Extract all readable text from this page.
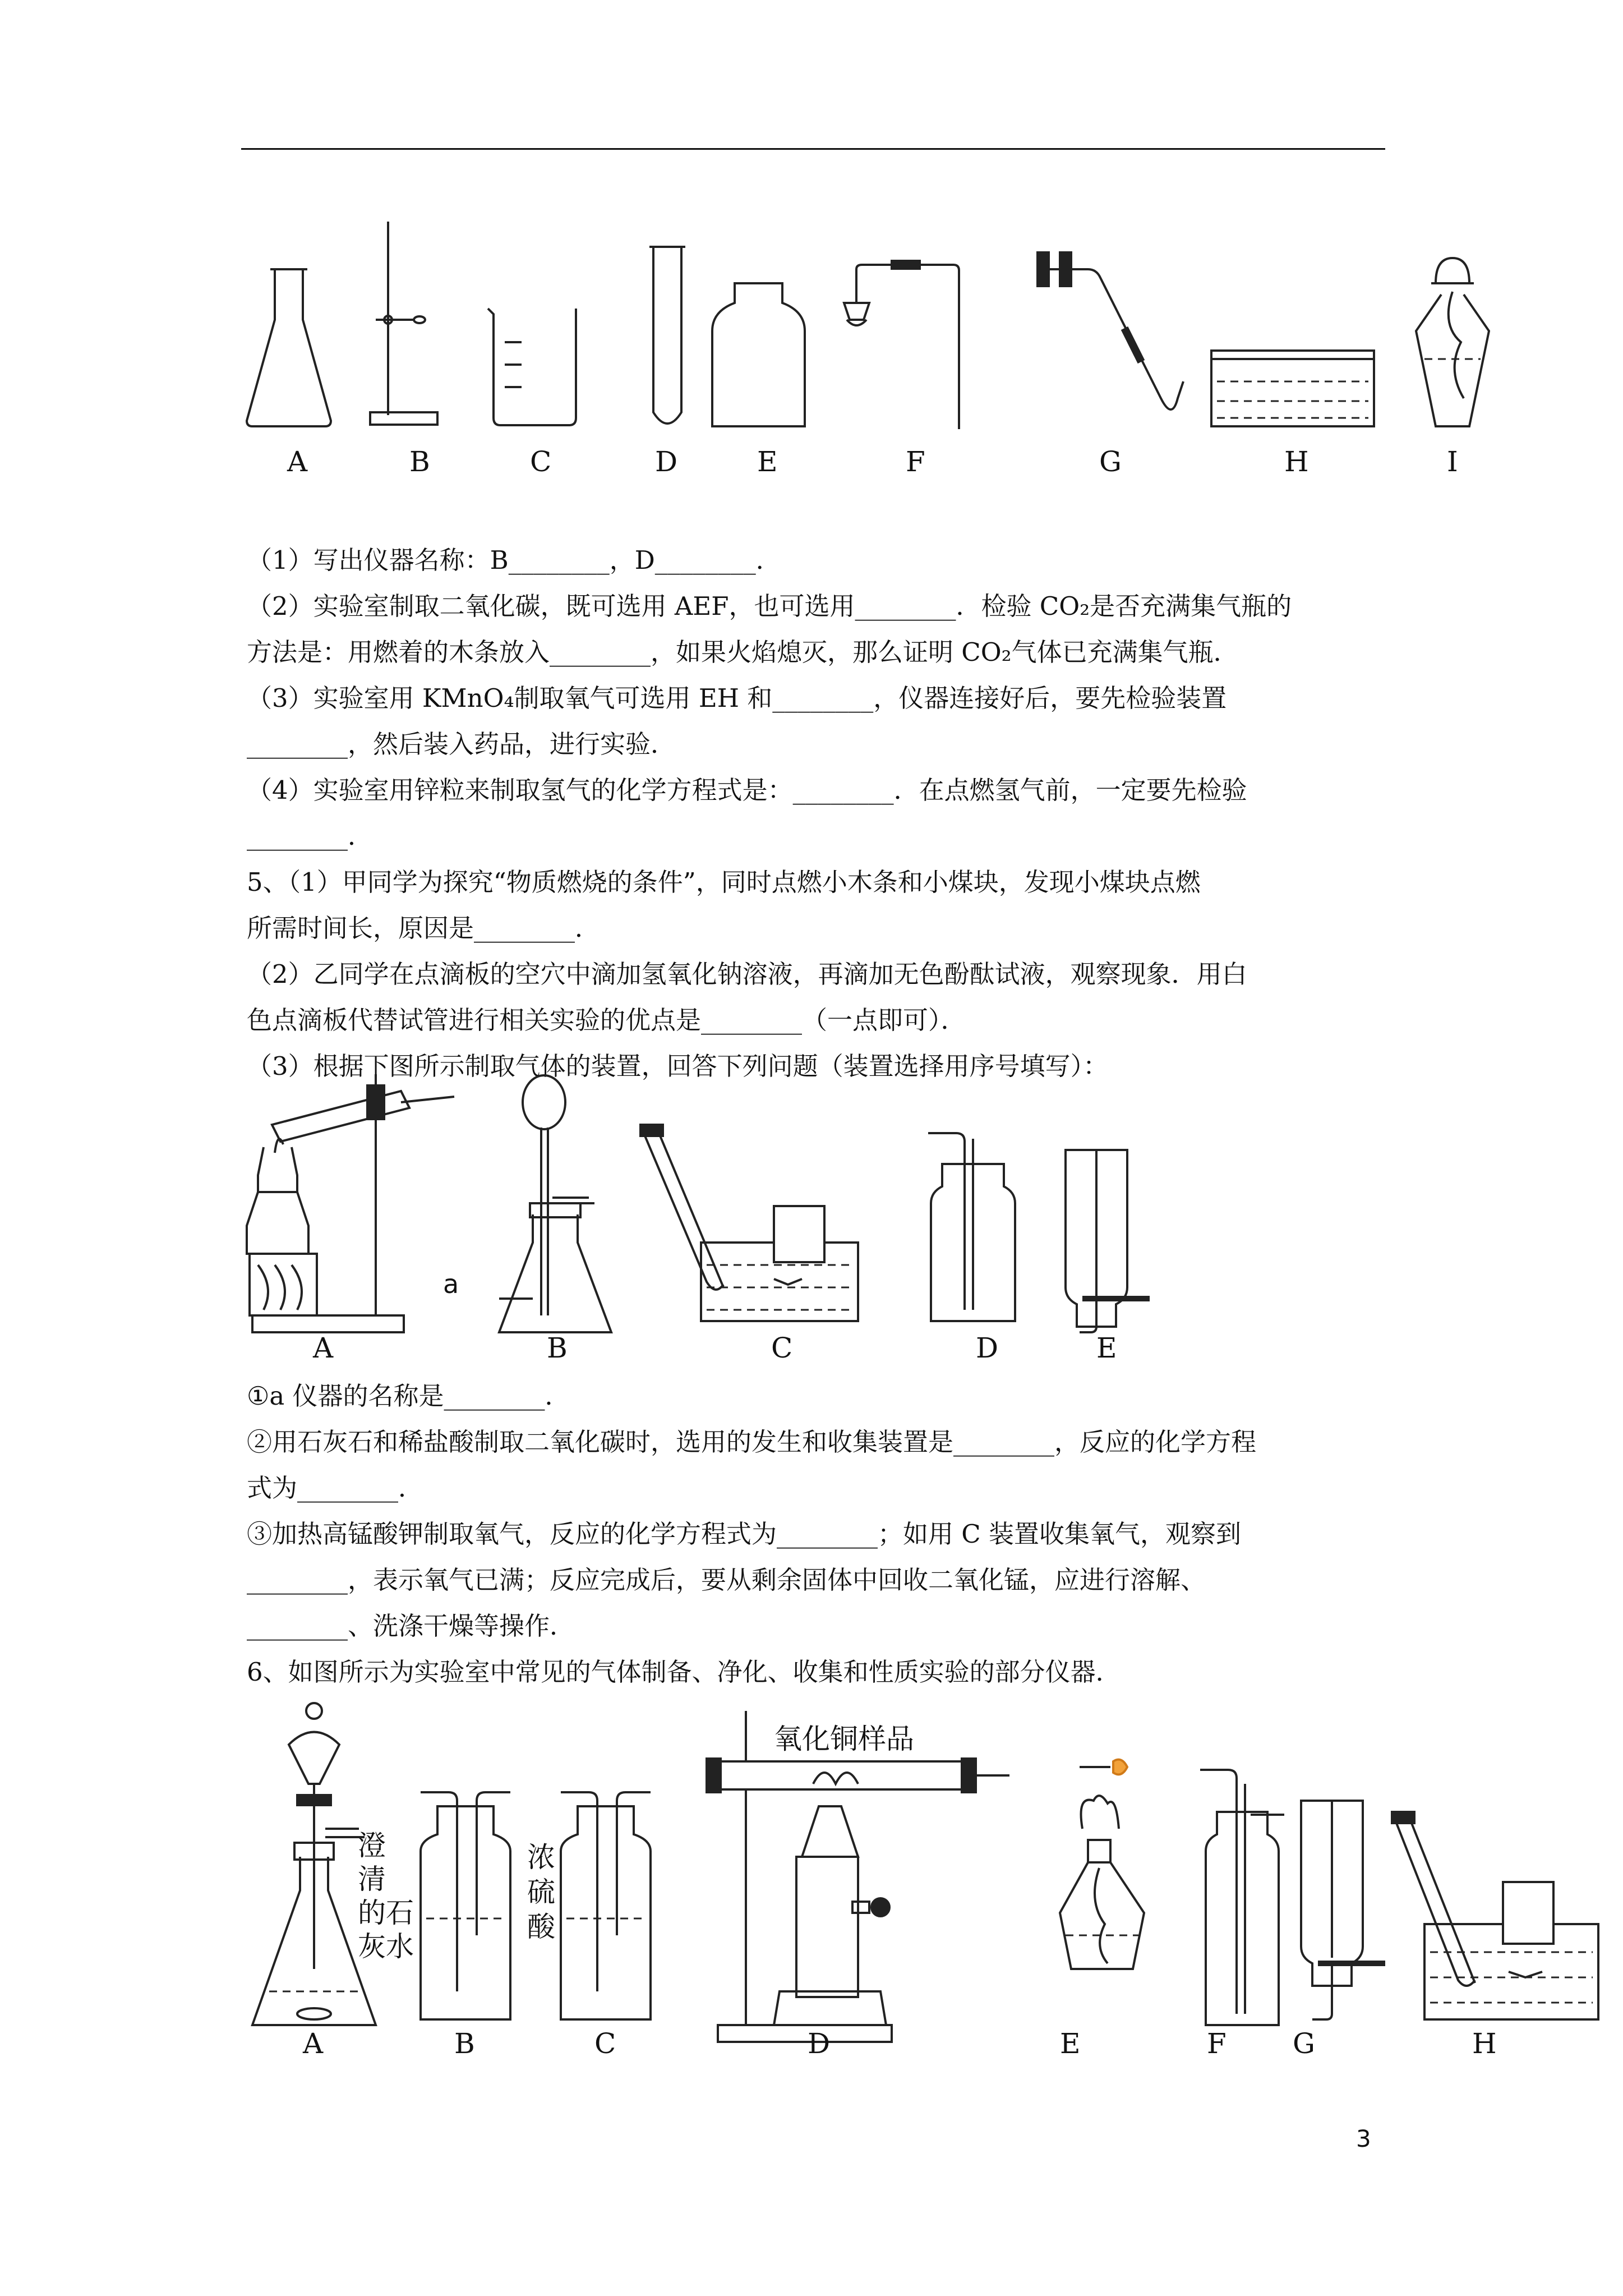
A	B	C	D	E	F	G	H	I

（1）写出仪器名称：B________，D________．

（2）实验室制取二氧化碳，既可选用 AEF，也可选用________．检验 CO₂是否充满集气瓶的

方法是：用燃着的木条放入________，如果火焰熄灭，那么证明 CO₂气体已充满集气瓶．

（3）实验室用 KMnO₄制取氧气可选用 EH 和________，仪器连接好后，要先检验装置

________，然后装入药品，进行实验．

（4）实验室用锌粒来制取氢气的化学方程式是：________．在点燃氢气前，一定要先检验

________．

5、（1）甲同学为探究“物质燃烧的条件”，同时点燃小木条和小煤块，发现小煤块点燃

所需时间长，原因是________．

（2）乙同学在点滴板的空穴中滴加氢氧化钠溶液，再滴加无色酚酞试液，观察现象．用白

色点滴板代替试管进行相关实验的优点是________（一点即可）．

（3）根据下图所示制取气体的装置，回答下列问题（装置选择用序号填写）：

a
A	B	C	D	E

①a 仪器的名称是________．

②用石灰石和稀盐酸制取二氧化碳时，选用的发生和收集装置是________，反应的化学方程

式为________．

③加热高锰酸钾制取氧气，反应的化学方程式为________；如用 C 装置收集氧气，观察到

________，表示氧气已满；反应完成后，要从剩余固体中回收二氧化锰，应进行溶解、

________、洗涤干燥等操作．

6、如图所示为实验室中常见的气体制备、净化、收集和性质实验的部分仪器．

澄
清
的石
灰水
浓
硫
酸
氧化铜样品
A	B	C	D	E	F G	H
3
